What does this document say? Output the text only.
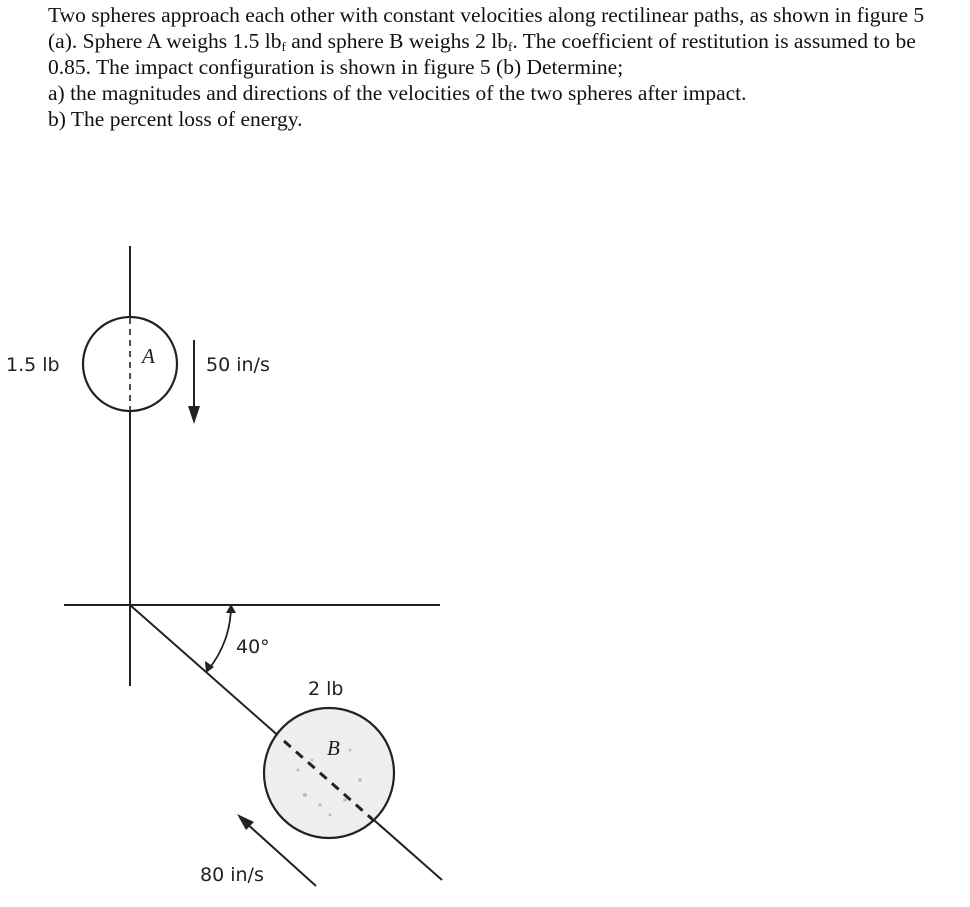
Two spheres approach each other with constant velocities along rectilinear paths, as shown in figure 5 (a). Sphere A weighs 1.5 $lb_f$ and sphere B weighs 2 $lb_f$. The coefficient of restitution is assumed to be 0.85. The impact configuration is shown in figure 5 (b) Determine;

a) the magnitudes and directions of the velocities of the two spheres after impact.

b) The percent loss of energy.

A
1.5 lb	50 in/s
40°
2 lb
B
80 in/s
